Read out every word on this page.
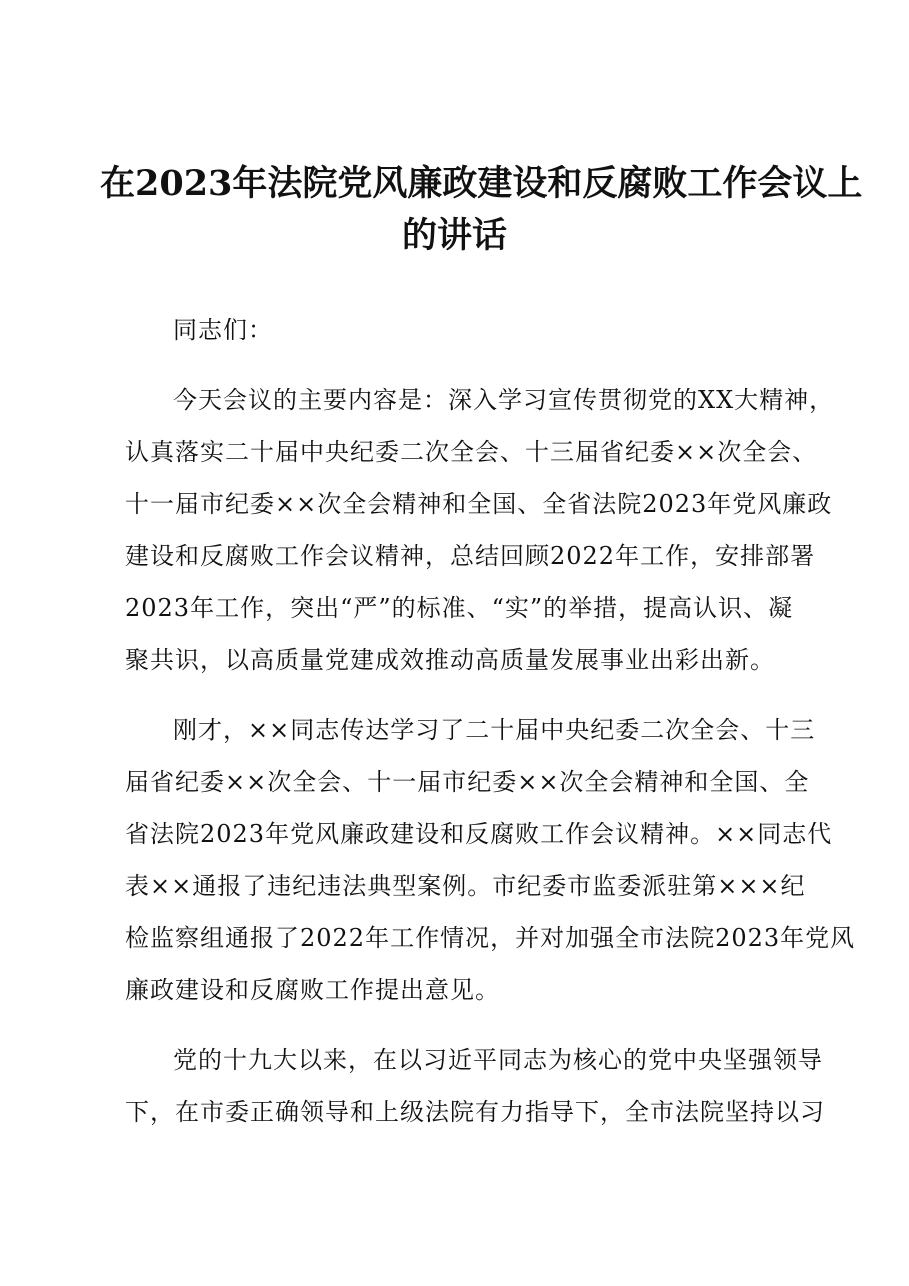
在2023年法院党风廉政建设和反腐败工作会议上
的讲话
同志们：
今天会议的主要内容是：深入学习宣传贯彻党的XX大精神，
认真落实二十届中央纪委二次全会、十三届省纪委××次全会、
十一届市纪委××次全会精神和全国、全省法院2023年党风廉政
建设和反腐败工作会议精神，总结回顾2022年工作，安排部署
2023年工作，突出“严”的标准、“实”的举措，提高认识、凝
聚共识，以高质量党建成效推动高质量发展事业出彩出新。
刚才，××同志传达学习了二十届中央纪委二次全会、十三
届省纪委××次全会、十一届市纪委××次全会精神和全国、全
省法院2023年党风廉政建设和反腐败工作会议精神。××同志代
表××通报了违纪违法典型案例。市纪委市监委派驻第×××纪
检监察组通报了2022年工作情况，并对加强全市法院2023年党风
廉政建设和反腐败工作提出意见。
党的十九大以来，在以习近平同志为核心的党中央坚强领导
下，在市委正确领导和上级法院有力指导下，全市法院坚持以习
